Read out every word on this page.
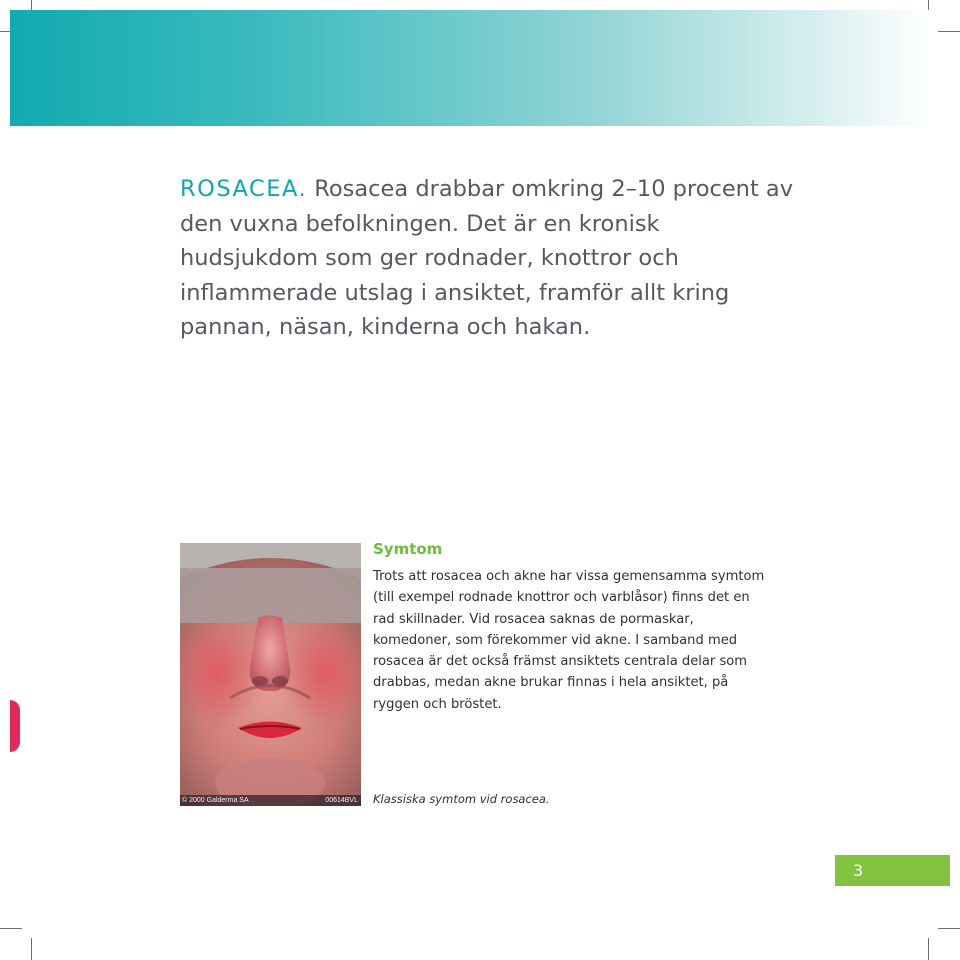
ROSACEA. Rosacea drabbar omkring 2–10 procent av den vuxna befolkningen. Det är en kronisk hudsjukdom som ger rodnader, knottror och inflammerade utslag i ansiktet, framför allt kring pannan, näsan, kinderna och hakan.

© 2000 Galderma SA	00614BVL
Symtom

Trots att rosacea och akne har vissa gemensamma symtom (till exempel rodnade knottror och varblåsor) finns det en rad skillnader. Vid rosacea saknas de pormaskar, komedoner, som förekommer vid akne. I samband med rosacea är det också främst ansiktets centrala delar som drabbas, medan akne brukar finnas i hela ansiktet, på ryggen och bröstet.

Klassiska symtom vid rosacea.

3
